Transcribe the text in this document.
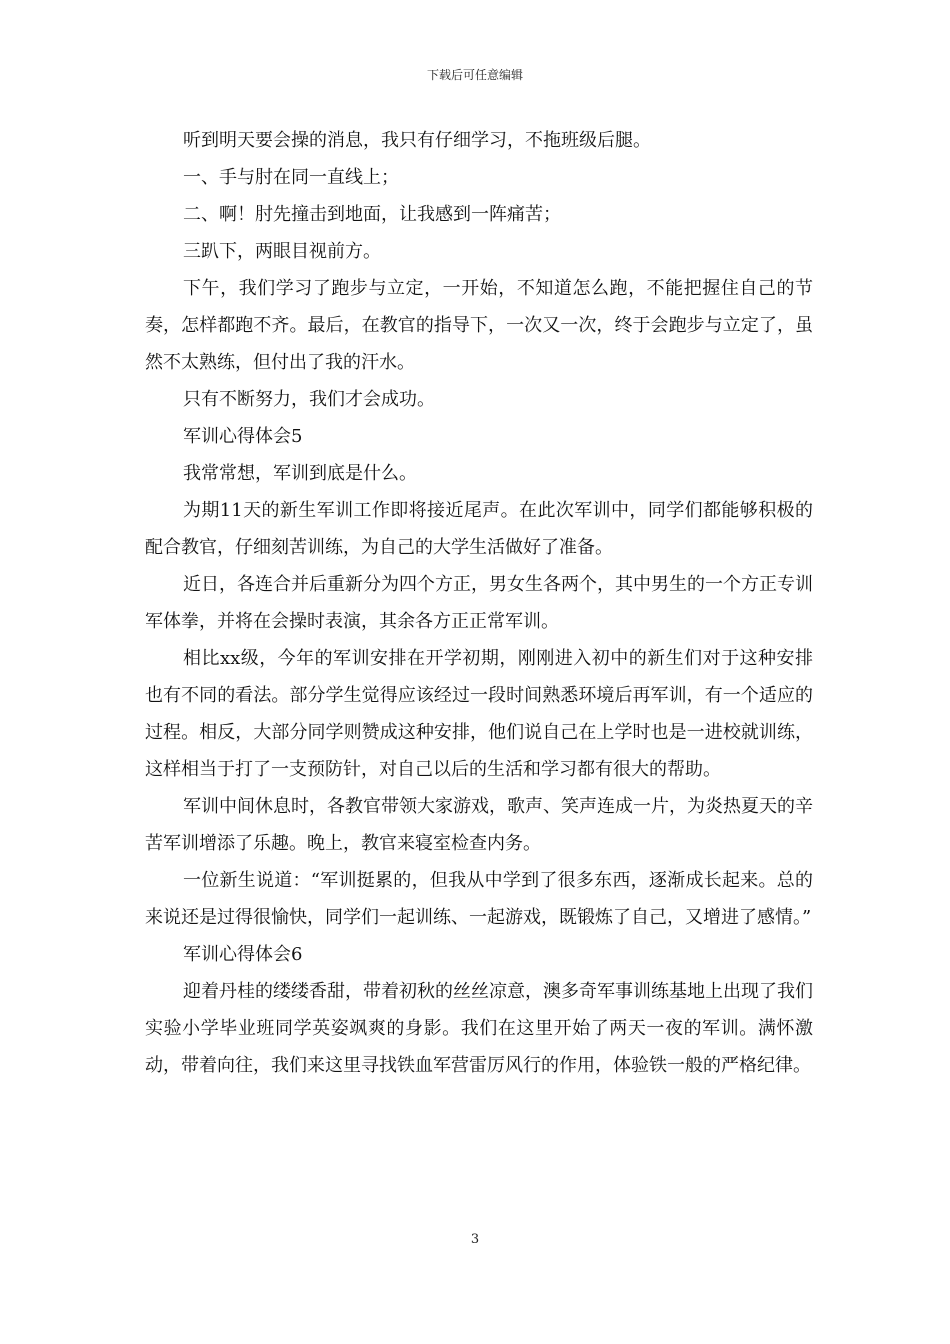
下载后可任意编辑

听到明天要会操的消息，我只有仔细学习，不拖班级后腿。

一、手与肘在同一直线上；

二、啊！肘先撞击到地面，让我感到一阵痛苦；

三趴下，两眼目视前方。

下午，我们学习了跑步与立定，一开始，不知道怎么跑，不能把握住自己的节奏，怎样都跑不齐。最后，在教官的指导下，一次又一次，终于会跑步与立定了，虽然不太熟练，但付出了我的汗水。

只有不断努力，我们才会成功。

军训心得体会5

我常常想，军训到底是什么。

为期11天的新生军训工作即将接近尾声。在此次军训中，同学们都能够积极的配合教官，仔细刻苦训练，为自己的大学生活做好了准备。

近日，各连合并后重新分为四个方正，男女生各两个，其中男生的一个方正专训军体拳，并将在会操时表演，其余各方正正常军训。

相比xx级，今年的军训安排在开学初期，刚刚进入初中的新生们对于这种安排也有不同的看法。部分学生觉得应该经过一段时间熟悉环境后再军训，有一个适应的过程。相反，大部分同学则赞成这种安排，他们说自己在上学时也是一进校就训练，这样相当于打了一支预防针，对自己以后的生活和学习都有很大的帮助。

军训中间休息时，各教官带领大家游戏，歌声、笑声连成一片，为炎热夏天的辛苦军训增添了乐趣。晚上，教官来寝室检查内务。

一位新生说道：“军训挺累的，但我从中学到了很多东西，逐渐成长起来。总的来说还是过得很愉快，同学们一起训练、一起游戏，既锻炼了自己，又增进了感情。”

军训心得体会6

迎着丹桂的缕缕香甜，带着初秋的丝丝凉意，澳多奇军事训练基地上出现了我们实验小学毕业班同学英姿飒爽的身影。我们在这里开始了两天一夜的军训。满怀激动，带着向往，我们来这里寻找铁血军营雷厉风行的作用，体验铁一般的严格纪律。

3
